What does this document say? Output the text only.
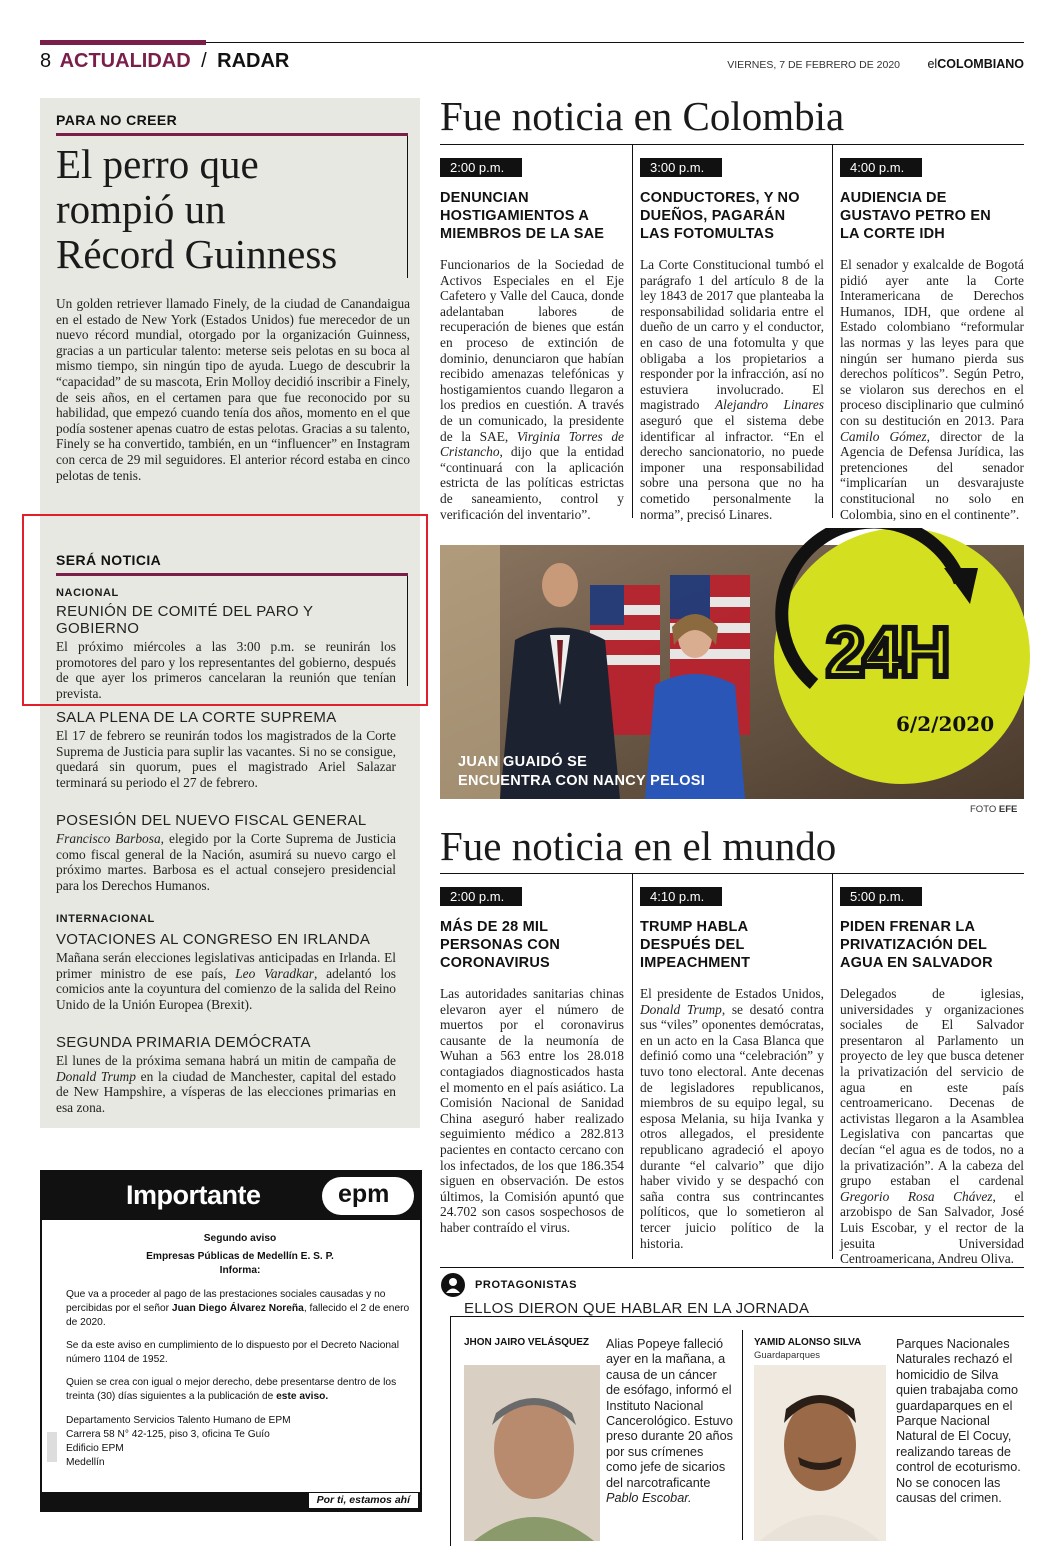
8 ACTUALIDAD / RADAR	VIERNES, 7 DE FEBRERO DE 2020 elCOLOMBIANO
PARA NO CREER
El perro que
rompió un
Récord Guinness
Un golden retriever llamado Finely, de la ciudad de Canandaigua en el estado de New York (Estados Unidos) fue merecedor de un nuevo récord mundial, otorgado por la organización Guinness, gracias a un particular talento: meterse seis pelotas en su boca al mismo tiempo, sin ningún tipo de ayuda. Luego de descubrir la “capacidad” de su mascota, Erin Molloy decidió inscribir a Finely, de seis años, en el certamen para que fue reconocido por su habilidad, que empezó cuando tenía dos años, momento en el que podía sostener apenas cuatro de estas pelotas. Gracias a su talento, Finely se ha convertido, también, en un “influencer” en Instagram con cerca de 29 mil seguidores. El anterior récord estaba en cinco pelotas de tenis.
SERÁ NOTICIA
NACIONAL
REUNIÓN DE COMITÉ DEL PARO Y GOBIERNO
El próximo miércoles a las 3:00 p.m. se reunirán los promotores del paro y los representantes del gobierno, después de que ayer los primeros cancelaran la reunión que tenían prevista.
SALA PLENA DE LA CORTE SUPREMA
El 17 de febrero se reunirán todos los magistrados de la Corte Suprema de Justicia para suplir las vacantes. Si no se consigue, quedará sin quorum, pues el magistrado Ariel Salazar terminará su periodo el 27 de febrero.
POSESIÓN DEL NUEVO FISCAL GENERAL
Francisco Barbosa, elegido por la Corte Suprema de Justicia como fiscal general de la Nación, asumirá su nuevo cargo el próximo martes. Barbosa es el actual consejero presidencial para los Derechos Humanos.
INTERNACIONAL
VOTACIONES AL CONGRESO EN IRLANDA
Mañana serán elecciones legislativas anticipadas en Irlanda. El primer ministro de ese país, Leo Varadkar, adelantó los comicios ante la coyuntura del comienzo de la salida del Reino Unido de la Unión Europea (Brexit).
SEGUNDA PRIMARIA DEMÓCRATA
El lunes de la próxima semana habrá un mitin de campaña de Donald Trump en la ciudad de Manchester, capital del estado de New Hampshire, a vísperas de las elecciones primarias en esa zona.
Importante	epm
Segundo aviso
Empresas Públicas de Medellín E. S. P.
Informa:
Que va a proceder al pago de las prestaciones sociales causadas y no percibidas por el señor Juan Diego Álvarez Noreña, fallecido el 2 de enero de 2020.
Se da este aviso en cumplimiento de lo dispuesto por el Decreto Nacional número 1104 de 1952.
Quien se crea con igual o mejor derecho, debe presentarse dentro de los treinta (30) días siguientes a la publicación de este aviso.
Departamento Servicios Talento Humano de EPM
Carrera 58 N° 42-125, piso 3, oficina Te Guío
Edificio EPM
Medellín
Por ti, estamos ahí
Fue noticia en Colombia
2:00 p.m.
DENUNCIAN
HOSTIGAMIENTOS A
MIEMBROS DE LA SAE
Funcionarios de la Sociedad de Activos Especiales en el Eje Cafetero y Valle del Cauca, donde adelantaban labores de recuperación de bienes que están en proceso de extinción de dominio, denunciaron que habían recibido amenazas telefónicas y hostigamientos cuando llegaron a los predios en cuestión. A través de un comunicado, la presidente de la SAE, Virginia Torres de Cristancho, dijo que la entidad “continuará con la aplicación estricta de las políticas estrictas de saneamiento, control y verificación del inventario”.
3:00 p.m.
CONDUCTORES, Y NO
DUEÑOS, PAGARÁN
LAS FOTOMULTAS
La Corte Constitucional tumbó el parágrafo 1 del artículo 8 de la ley 1843 de 2017 que planteaba la responsabilidad solidaria entre el dueño de un carro y el conductor, en caso de una fotomulta y que obligaba a los propietarios a responder por la infracción, así no estuviera involucrado. El magistrado Alejandro Linares aseguró que el sistema debe identificar al infractor. “En el derecho sancionatorio, no puede imponer una responsabilidad sobre una persona que no ha cometido personalmente la norma”, precisó Linares.
4:00 p.m.
AUDIENCIA DE
GUSTAVO PETRO EN
LA CORTE IDH
El senador y exalcalde de Bogotá pidió ayer ante la Corte Interamericana de Derechos Humanos, IDH, que ordene al Estado colombiano “reformular las normas y las leyes para que ningún ser humano pierda sus derechos políticos”. Según Petro, se violaron sus derechos en el proceso disciplinario que culminó con su destitución en 2013. Para Camilo Gómez, director de la Agencia de Defensa Jurídica, las pretenciones del senador “implicarían un desvarajuste constitucional no solo en Colombia, sino en el continente”.
JUAN GUAIDÓ SE
ENCUENTRA CON NANCY PELOSI
24H
6/2/2020
FOTO EFE
Fue noticia en el mundo
2:00 p.m.
MÁS DE 28 MIL
PERSONAS CON
CORONAVIRUS
Las autoridades sanitarias chinas elevaron ayer el número de muertos por el coronavirus causante de la neumonía de Wuhan a 563 entre los 28.018 contagiados diagnosticados hasta el momento en el país asiático. La Comisión Nacional de Sanidad China aseguró haber realizado seguimiento médico a 282.813 pacientes en contacto cercano con los infectados, de los que 186.354 siguen en observación. De estos últimos, la Comisión apuntó que 24.702 son casos sospechosos de haber contraído el virus.
4:10 p.m.
TRUMP HABLA
DESPUÉS DEL
IMPEACHMENT
El presidente de Estados Unidos, Donald Trump, se desató contra sus “viles” oponentes demócratas, en un acto en la Casa Blanca que definió como una “celebración” y tuvo tono electoral. Ante decenas de legisladores republicanos, miembros de su equipo legal, su esposa Melania, su hija Ivanka y otros allegados, el presidente republicano agradeció el apoyo durante “el calvario” que dijo haber vivido y se despachó con saña contra sus contrincantes políticos, que lo sometieron al tercer juicio político de la historia.
5:00 p.m.
PIDEN FRENAR LA
PRIVATIZACIÓN DEL
AGUA EN SALVADOR
Delegados de iglesias, universidades y organizaciones sociales de El Salvador presentaron al Parlamento un proyecto de ley que busca detener la privatización del servicio de agua en este país centroamericano. Decenas de activistas llegaron a la Asamblea Legislativa con pancartas que decían “el agua es de todos, no a la privatización”. A la cabeza del grupo estaban el cardenal Gregorio Rosa Chávez, el arzobispo de San Salvador, José Luis Escobar, y el rector de la jesuita Universidad Centroamericana, Andreu Oliva.
PROTAGONISTAS
ELLOS DIERON QUE HABLAR EN LA JORNADA
JHON JAIRO VELÁSQUEZ Alias Popeye falleció ayer en la mañana, a causa de un cáncer de esófago, informó el Instituto Nacional Cancerológico. Estuvo preso durante 20 años por sus crímenes como jefe de sicarios del narcotraficante Pablo Escobar.
YAMID ALONSO SILVA
Guardaparques
Parques Nacionales Naturales rechazó el homicidio de Silva quien trabajaba como guardaparques en el Parque Nacional Natural de El Cocuy, realizando tareas de control de ecoturismo. No se conocen las causas del crimen.
